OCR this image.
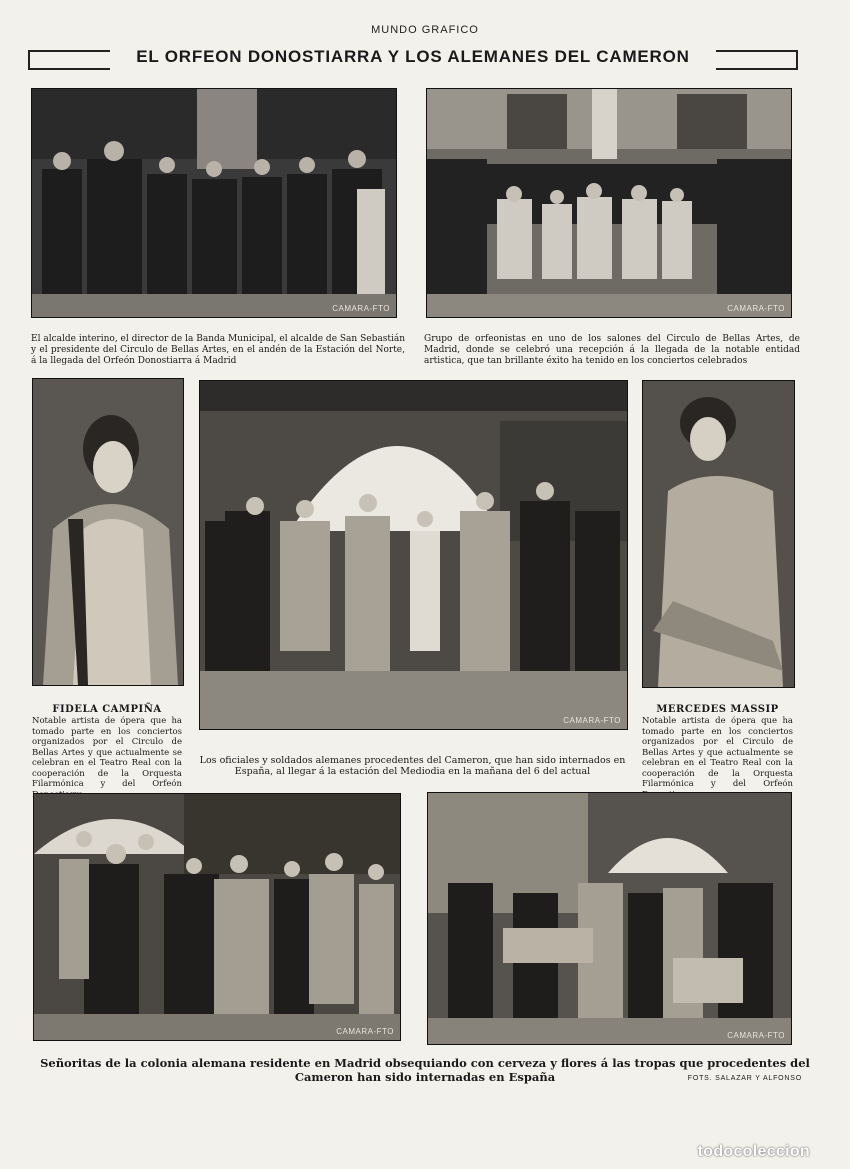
MUNDO GRAFICO
EL ORFEON DONOSTIARRA Y LOS ALEMANES DEL CAMERON
CAMARA-FTO
El alcalde interino, el director de la Banda Municipal, el alcalde de San Sebastián y el presidente del Circulo de Bellas Artes, en el andén de la Estación del Norte, á la llegada del Orfeón Donostiarra á Madrid
CAMARA-FTO
Grupo de orfeonistas en uno de los salones del Circulo de Bellas Artes, de Madrid, donde se celebró una recepción á la llegada de la notable entidad artistica, que tan brillante éxito ha tenido en los conciertos celebrados
FIDELA CAMPIÑA
Notable artista de ópera que ha tomado parte en los conciertos organizados por el Circulo de Bellas Artes y que actualmente se celebran en el Teatro Real con la cooperación de la Orquesta Filarmónica y del Orfeón
CAMARA-FTO
Los oficiales y soldados alemanes procedentes del Cameron, que han sido internados en España, al llegar á la estación del Mediodia en la mañana del 6 del actual
MERCEDES MASSIP
Notable artista de ópera que ha tomado parte en los conciertos organizados por el Circulo de Bellas Artes y que actualmente se celebran en el Teatro Real con la cooperación de la Orquesta Filarmónica y del Orfeón
CAMARA-FTO	CAMARA-FTO
Señoritas de la colonia alemana residente en Madrid obsequiando con cerveza y flores á las tropas que procedentes del Cameron han sido internadas en España	FOTS. SALAZAR Y ALFONSO
todocoleccion
